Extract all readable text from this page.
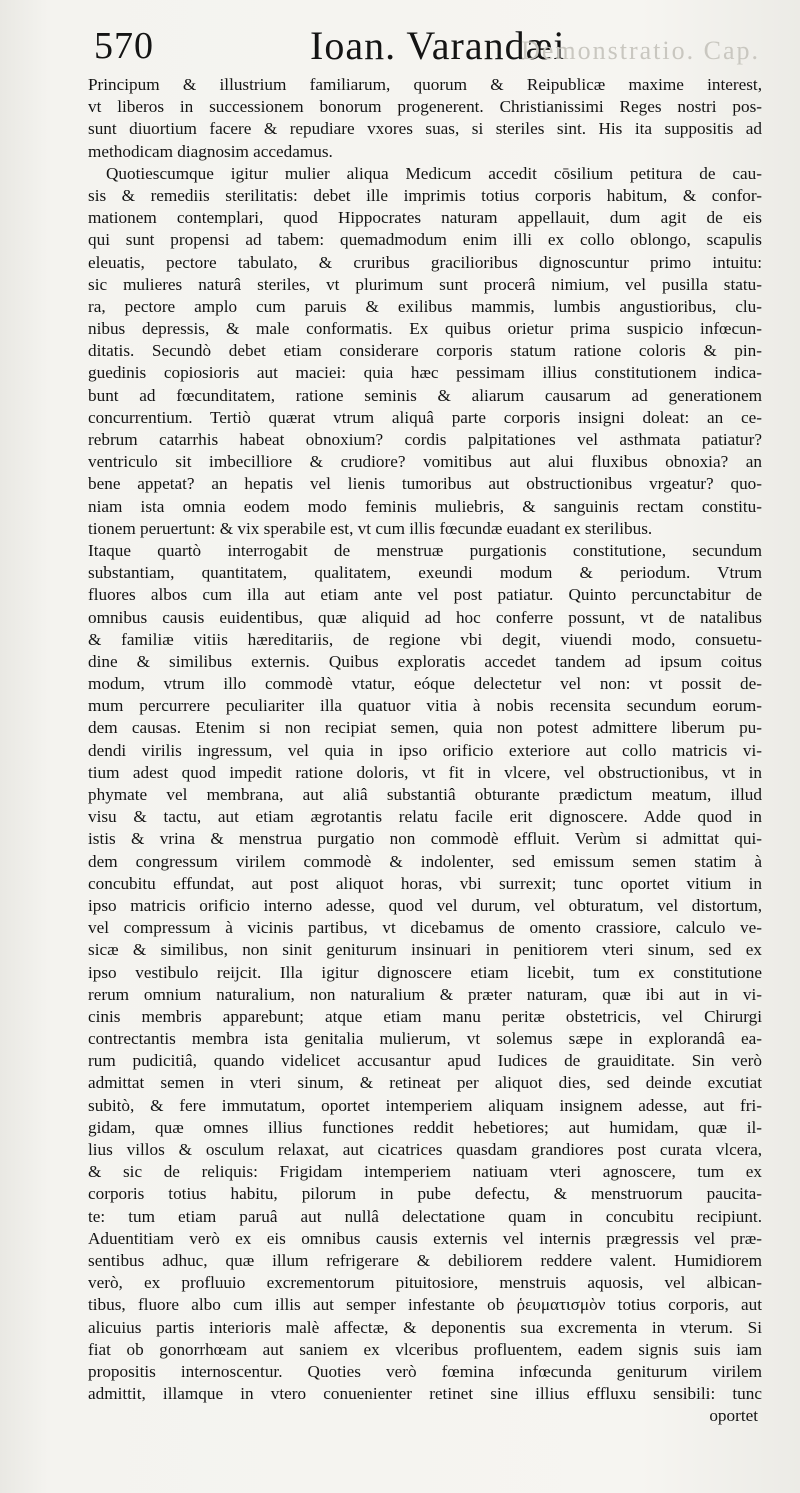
570	Ioan. Varandæi
Demonstratio. Cap.
Principum & illustrium familiarum, quorum & Reipublicæ maxime interest,
vt liberos in successionem bonorum progenerent. Christianissimi Reges nostri pos-
sunt diuortium facere & repudiare vxores suas, si steriles sint. His ita suppositis ad
methodicam diagnosim accedamus.
Quotiescumque igitur mulier aliqua Medicum accedit cōsilium petitura de cau-
sis & remediis sterilitatis: debet ille imprimis totius corporis habitum, & confor-
mationem contemplari, quod Hippocrates naturam appellauit, dum agit de eis
qui sunt propensi ad tabem: quemadmodum enim illi ex collo oblongo, scapulis
eleuatis, pectore tabulato, & cruribus gracilioribus dignoscuntur primo intuitu:
sic mulieres naturâ steriles, vt plurimum sunt procerâ nimium, vel pusilla statu-
ra, pectore amplo cum paruis & exilibus mammis, lumbis angustioribus, clu-
nibus depressis, & male conformatis. Ex quibus orietur prima suspicio infœcun-
ditatis. Secundò debet etiam considerare corporis statum ratione coloris & pin-
guedinis copiosioris aut maciei: quia hæc pessimam illius constitutionem indica-
bunt ad fœcunditatem, ratione seminis & aliarum causarum ad generationem
concurrentium. Tertiò quærat vtrum aliquâ parte corporis insigni doleat: an ce-
rebrum catarrhis habeat obnoxium? cordis palpitationes vel asthmata patiatur?
ventriculo sit imbecilliore & crudiore? vomitibus aut alui fluxibus obnoxia? an
bene appetat? an hepatis vel lienis tumoribus aut obstructionibus vrgeatur? quo-
niam ista omnia eodem modo feminis muliebris, & sanguinis rectam constitu-
tionem peruertunt: & vix sperabile est, vt cum illis fœcundæ euadant ex sterilibus.
Itaque quartò interrogabit de menstruæ purgationis constitutione, secundum
substantiam, quantitatem, qualitatem, exeundi modum & periodum. Vtrum
fluores albos cum illa aut etiam ante vel post patiatur. Quinto percunctabitur de
omnibus causis euidentibus, quæ aliquid ad hoc conferre possunt, vt de natalibus
& familiæ vitiis hæreditariis, de regione vbi degit, viuendi modo, consuetu-
dine & similibus externis. Quibus exploratis accedet tandem ad ipsum coitus
modum, vtrum illo commodè vtatur, eóque delectetur vel non: vt possit de-
mum percurrere peculiariter illa quatuor vitia à nobis recensita secundum eorum-
dem causas. Etenim si non recipiat semen, quia non potest admittere liberum pu-
dendi virilis ingressum, vel quia in ipso orificio exteriore aut collo matricis vi-
tium adest quod impedit ratione doloris, vt fit in vlcere, vel obstructionibus, vt in
phymate vel membrana, aut aliâ substantiâ obturante prædictum meatum, illud
visu & tactu, aut etiam ægrotantis relatu facile erit dignoscere. Adde quod in
istis & vrina & menstrua purgatio non commodè effluit. Verùm si admittat qui-
dem congressum virilem commodè & indolenter, sed emissum semen statim à
concubitu effundat, aut post aliquot horas, vbi surrexit; tunc oportet vitium in
ipso matricis orificio interno adesse, quod vel durum, vel obturatum, vel distortum,
vel compressum à vicinis partibus, vt dicebamus de omento crassiore, calculo ve-
sicæ & similibus, non sinit geniturum insinuari in penitiorem vteri sinum, sed ex
ipso vestibulo reijcit. Illa igitur dignoscere etiam licebit, tum ex constitutione
rerum omnium naturalium, non naturalium & præter naturam, quæ ibi aut in vi-
cinis membris apparebunt; atque etiam manu peritæ obstetricis, vel Chirurgi
contrectantis membra ista genitalia mulierum, vt solemus sæpe in explorandâ ea-
rum pudicitiâ, quando videlicet accusantur apud Iudices de grauiditate. Sin verò
admittat semen in vteri sinum, & retineat per aliquot dies, sed deinde excutiat
subitò, & fere immutatum, oportet intemperiem aliquam insignem adesse, aut fri-
gidam, quæ omnes illius functiones reddit hebetiores; aut humidam, quæ il-
lius villos & osculum relaxat, aut cicatrices quasdam grandiores post curata vlcera,
& sic de reliquis: Frigidam intemperiem natiuam vteri agnoscere, tum ex
corporis totius habitu, pilorum in pube defectu, & menstruorum paucita-
te: tum etiam paruâ aut nullâ delectatione quam in concubitu recipiunt.
Aduentitiam verò ex eis omnibus causis externis vel internis prægressis vel præ-
sentibus adhuc, quæ illum refrigerare & debiliorem reddere valent. Humidiorem
verò, ex profluuio excrementorum pituitosiore, menstruis aquosis, vel albican-
tibus, fluore albo cum illis aut semper infestante ob ῥευματισμὸν totius corporis, aut
alicuius partis interioris malè affectæ, & deponentis sua excrementa in vterum. Si
fiat ob gonorrhœam aut saniem ex vlceribus profluentem, eadem signis suis iam
propositis internoscentur. Quoties verò fœmina infœcunda geniturum virilem
admittit, illamque in vtero conuenienter retinet sine illius effluxu sensibili: tunc
oportet
